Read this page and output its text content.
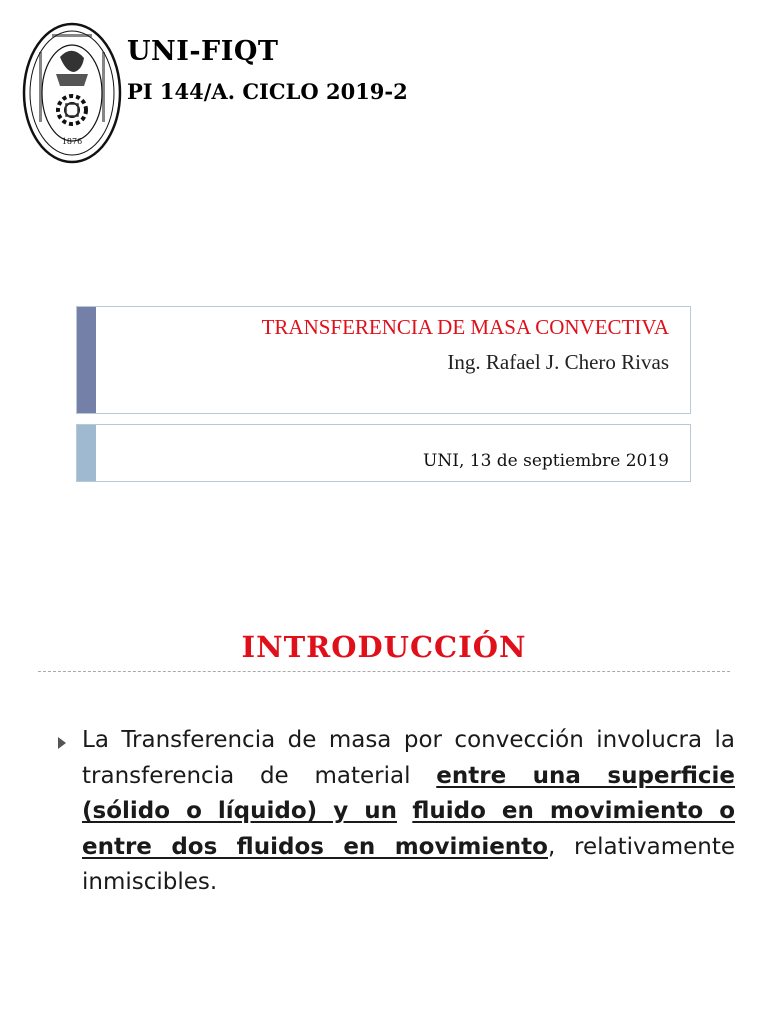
1876
UNI-FIQT
PI 144/A. CICLO 2019-2
TRANSFERENCIA DE MASA CONVECTIVA
Ing. Rafael J. Chero Rivas
UNI, 13 de septiembre 2019
INTRODUCCIÓN
La Transferencia de masa por convección involucra la transferencia de material entre una superficie (sólido o líquido) y un fluido en movimiento o entre dos fluidos en movimiento, relativamente inmiscibles.
